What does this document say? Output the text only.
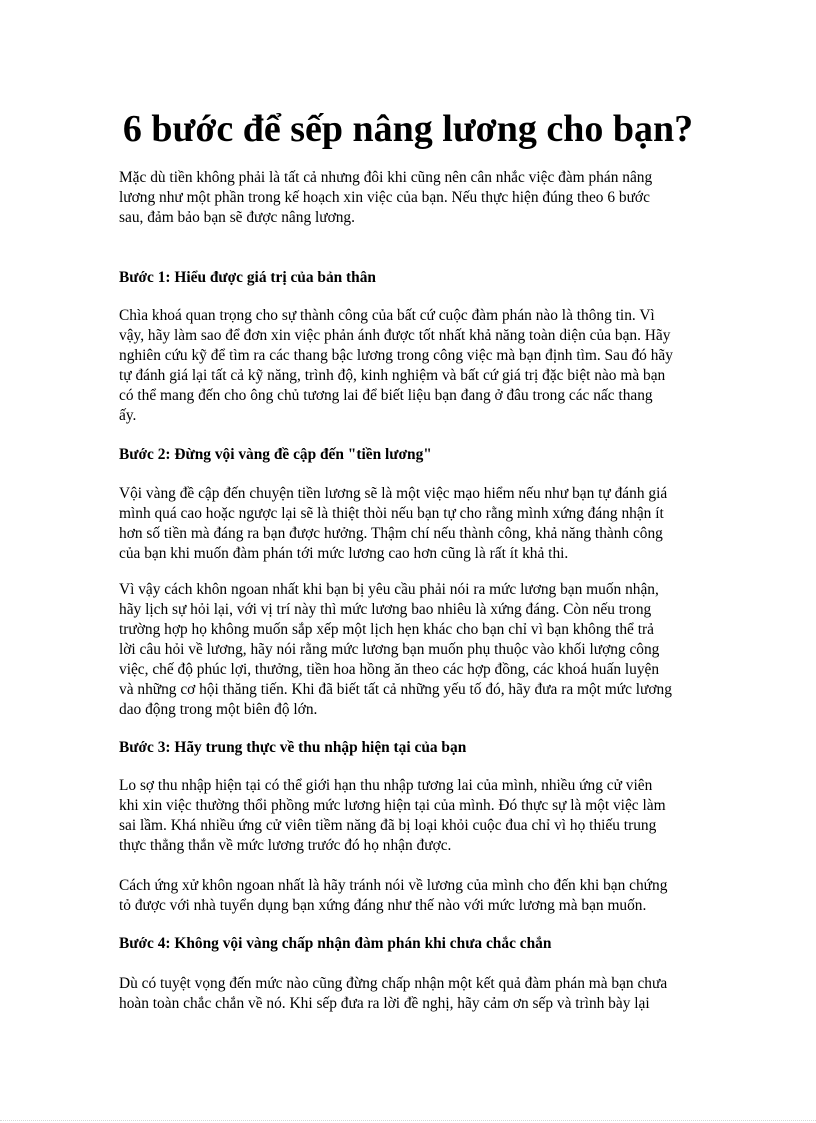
6 bước để sếp nâng lương cho bạn?
Mặc dù tiền không phải là tất cả nhưng đôi khi cũng nên cân nhắc việc đàm phán nâng
lương như một phần trong kế hoạch xin việc của bạn. Nếu thực hiện đúng theo 6 bước
sau, đảm bảo bạn sẽ được nâng lương.
Bước 1: Hiểu được giá trị của bản thân
Chìa khoá quan trọng cho sự thành công của bất cứ cuộc đàm phán nào là thông tin. Vì
vậy, hãy làm sao để đơn xin việc phản ánh được tốt nhất khả năng toàn diện của bạn. Hãy
nghiên cứu kỹ để tìm ra các thang bậc lương trong công việc mà bạn định tìm. Sau đó hãy
tự đánh giá lại tất cả kỹ năng, trình độ, kinh nghiệm và bất cứ giá trị đặc biệt nào mà bạn
có thể mang đến cho ông chủ tương lai để biết liệu bạn đang ở đâu trong các nấc thang
ấy.
Bước 2: Đừng vội vàng đề cập đến "tiền lương"
Vội vàng đề cập đến chuyện tiền lương sẽ là một việc mạo hiểm nếu như bạn tự đánh giá
mình quá cao hoặc ngược lại sẽ là thiệt thòi nếu bạn tự cho rằng mình xứng đáng nhận ít
hơn số tiền mà đáng ra bạn được hưởng. Thậm chí nếu thành công, khả năng thành công
của bạn khi muốn đàm phán tới mức lương cao hơn cũng là rất ít khả thi.
Vì vậy cách khôn ngoan nhất khi bạn bị yêu cầu phải nói ra mức lương bạn muốn nhận,
hãy lịch sự hỏi lại, với vị trí này thì mức lương bao nhiêu là xứng đáng. Còn nếu trong
trường hợp họ không muốn sắp xếp một lịch hẹn khác cho bạn chỉ vì bạn không thể trả
lời câu hỏi về lương, hãy nói rằng mức lương bạn muốn phụ thuộc vào khối lượng công
việc, chế độ phúc lợi, thưởng, tiền hoa hồng ăn theo các hợp đồng, các khoá huấn luyện
và những cơ hội thăng tiến. Khi đã biết tất cả những yếu tố đó, hãy đưa ra một mức lương
dao động trong một biên độ lớn.
Bước 3: Hãy trung thực về thu nhập hiện tại của bạn
Lo sợ thu nhập hiện tại có thể giới hạn thu nhập tương lai của mình, nhiều ứng cử viên
khi xin việc thường thổi phồng mức lương hiện tại của mình. Đó thực sự là một việc làm
sai lầm. Khá nhiều ứng cử viên tiềm năng đã bị loại khỏi cuộc đua chỉ vì họ thiếu trung
thực thẳng thắn về mức lương trước đó họ nhận được.
Cách ứng xử khôn ngoan nhất là hãy tránh nói về lương của mình cho đến khi bạn chứng
tỏ được với nhà tuyển dụng bạn xứng đáng như thế nào với mức lương mà bạn muốn.
Bước 4: Không vội vàng chấp nhận đàm phán khi chưa chắc chắn
Dù có tuyệt vọng đến mức nào cũng đừng chấp nhận một kết quả đàm phán mà bạn chưa
hoàn toàn chắc chắn về nó. Khi sếp đưa ra lời đề nghị, hãy cảm ơn sếp và trình bày lại
